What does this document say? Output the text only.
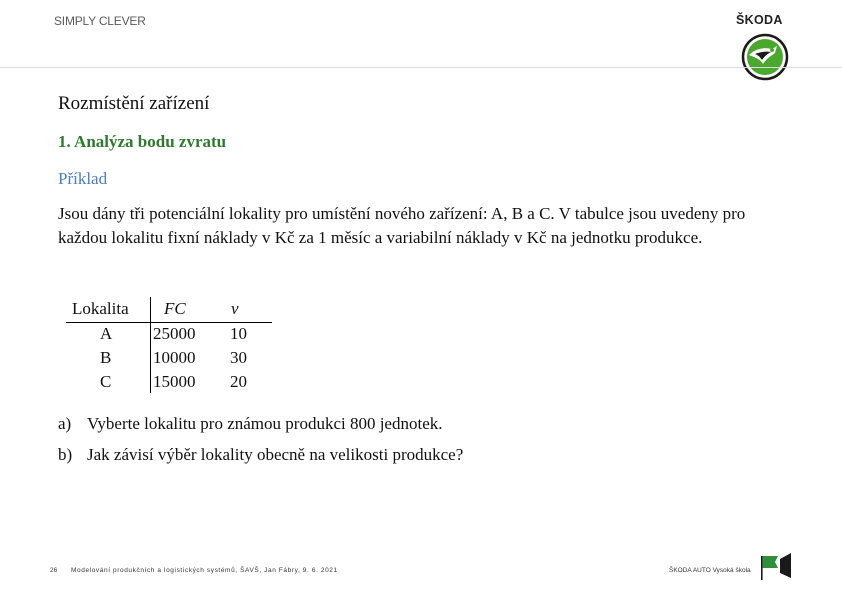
SIMPLY CLEVER	ŠKODA
Rozmístění zařízení
1. Analýza bodu zvratu
Příklad
Jsou dány tři potenciální lokality pro umístění nového zařízení: A, B a C. V tabulce jsou uvedeny pro každou lokalitu fixní náklady v Kč za 1 měsíc a variabilní náklady v Kč na jednotku produkce.
Lokalita FC	v
A 25000 10
B 10000 30
C 15000 20
a) Vyberte lokalitu pro známou produkci 800 jednotek.
b) Jak závisí výběr lokality obecně na velikosti produkce?
26 Modelování produkčních a logistických systémů, ŠAVŠ, Jan Fábry, 9. 6. 2021	ŠKODA AUTO Vysoká škola
